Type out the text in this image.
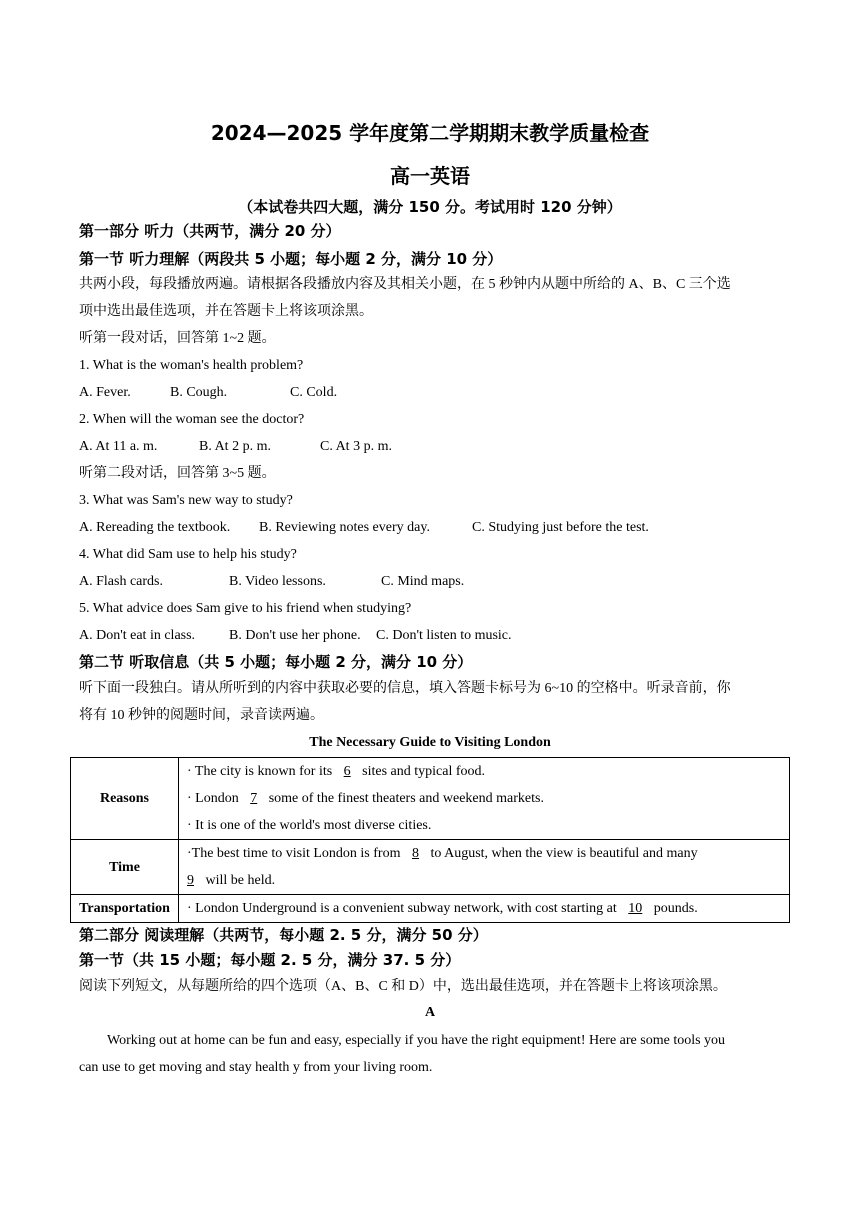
2024—2025 学年度第二学期期末教学质量检查
高一英语
（本试卷共四大题，满分 150 分。考试用时 120 分钟）
第一部分 听力（共两节，满分 20 分）
第一节 听力理解（两段共 5 小题；每小题 2 分，满分 10 分）
共两小段，每段播放两遍。请根据各段播放内容及其相关小题，在 5 秒钟内从题中所给的 A、B、C 三个选
项中选出最佳选项，并在答题卡上将该项涂黑。
听第一段对话，回答第 1~2 题。
1. What is the woman's health problem?
A. Fever.	B. Cough.	C. Cold.
2. When will the woman see the doctor?
A. At 11 a. m.	B. At 2 p. m.	C. At 3 p. m.
听第二段对话，回答第 3~5 题。
3. What was Sam's new way to study?
A. Rereading the textbook. B. Reviewing notes every day.	C. Studying just before the test.
4. What did Sam use to help his study?
A. Flash cards.	B. Video lessons.	C. Mind maps.
5. What advice does Sam give to his friend when studying?
A. Don't eat in class. B. Don't use her phone. C. Don't listen to music.
第二节 听取信息（共 5 小题；每小题 2 分，满分 10 分）
听下面一段独白。请从所听到的内容中获取必要的信息，填入答题卡标号为 6~10 的空格中。听录音前，你
将有 10 秒钟的阅题时间，录音读两遍。
The Necessary Guide to Visiting London
Reasons	· The city is known for its 6 sites and typical food.
· London 7 some of the finest theaters and weekend markets.
· It is one of the world's most diverse cities.

Time	·The best time to visit London is from 8 to August, when the view is beautiful and many
9 will be held.

Transportation	· London Underground is a convenient subway network, with cost starting at 10 pounds.
第二部分 阅读理解（共两节，每小题 2. 5 分，满分 50 分）
第一节（共 15 小题；每小题 2. 5 分，满分 37. 5 分）
阅读下列短文，从每题所给的四个选项（A、B、C 和 D）中，选出最佳选项，并在答题卡上将该项涂黑。
A
Working out at home can be fun and easy, especially if you have the right equipment! Here are some tools you
can use to get moving and stay health y from your living room.
